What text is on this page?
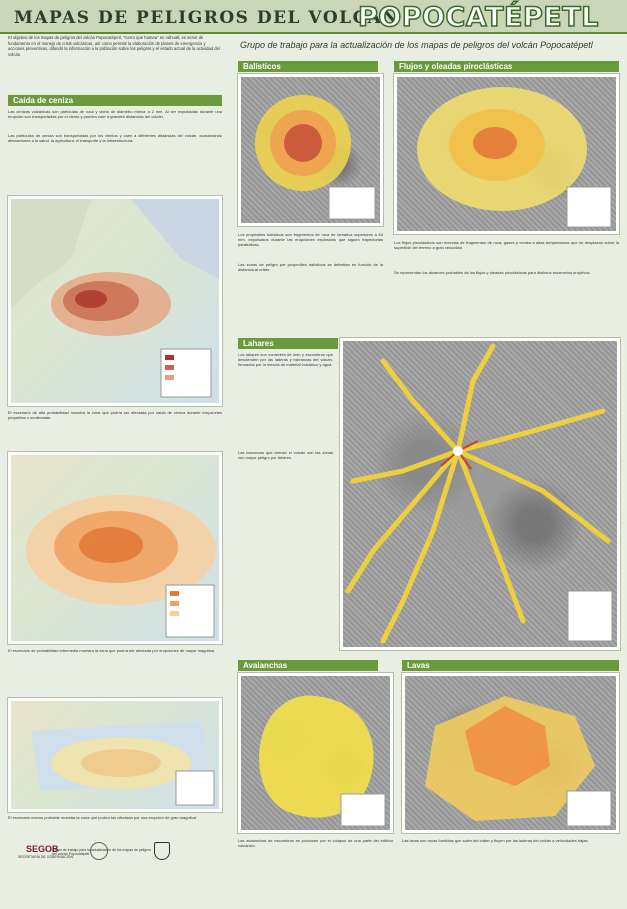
MAPAS DE PELIGROS DEL VOLCÁN
POPOCATÉPETL
Grupo de trabajo para la actualización de los mapas de peligros del volcán Popocatépetl
El objetivo de los mapas de peligros del volcán Popocatépetl, "Cerro que humea" en náhuatl, es servir de fundamento en el manejo de crisis volcánicas, así como permitir la elaboración de planes de emergencia y acciones preventivas, difundir la información a la población sobre los peligros y el estado actual de la actividad del volcán.
Caída de ceniza
Las cenizas volcánicas son partículas de roca y vidrio de diámetro menor a 2 mm. Al ser expulsadas durante una erupción son transportadas por el viento y pueden caer a grandes distancias del volcán.
Las partículas de ceniza son transportadas por los vientos y caen a diferentes distancias del volcán, ocasionando afectaciones a la salud, la agricultura, el transporte y la infraestructura.
El escenario de alta probabilidad muestra la zona que podría ser afectada por caída de ceniza durante erupciones pequeñas o moderadas.
El escenario de probabilidad intermedia muestra la zona que podría ser afectada por erupciones de mayor magnitud.
El escenario menos probable muestra la zona que podría ser afectada por una erupción de gran magnitud.
SEGOB
SECRETARÍA DE GOBERNACIÓN
Grupo de trabajo para la actualización de los mapas de peligros del volcán Popocatépetl
Balísticos
Los proyectiles balísticos son fragmentos de roca de tamaños superiores a 64 mm, expulsados durante las erupciones explosivas que siguen trayectorias parabólicas.
Las zonas de peligro por proyectiles balísticos se delimitan en función de la distancia al cráter.
Flujos y oleadas piroclásticas
Los flujos piroclásticos son mezclas de fragmentos de roca, gases y ceniza a altas temperaturas que se desplazan sobre la superficie del terreno a gran velocidad.
Se representan los alcances probables de los flujos y oleadas piroclásticas para distintos escenarios eruptivos.
Lahares
Los lahares son corrientes de lodo y escombros que descienden por las laderas y barrancas del volcán, formados por la mezcla de material volcánico y agua.
Las barrancas que drenan el volcán son las zonas con mayor peligro por lahares.
Avalanchas
Las avalanchas de escombros se producen por el colapso de una parte del edificio volcánico.
Lavas
Las lavas son rocas fundidas que salen del cráter y fluyen por las laderas del volcán a velocidades bajas.
